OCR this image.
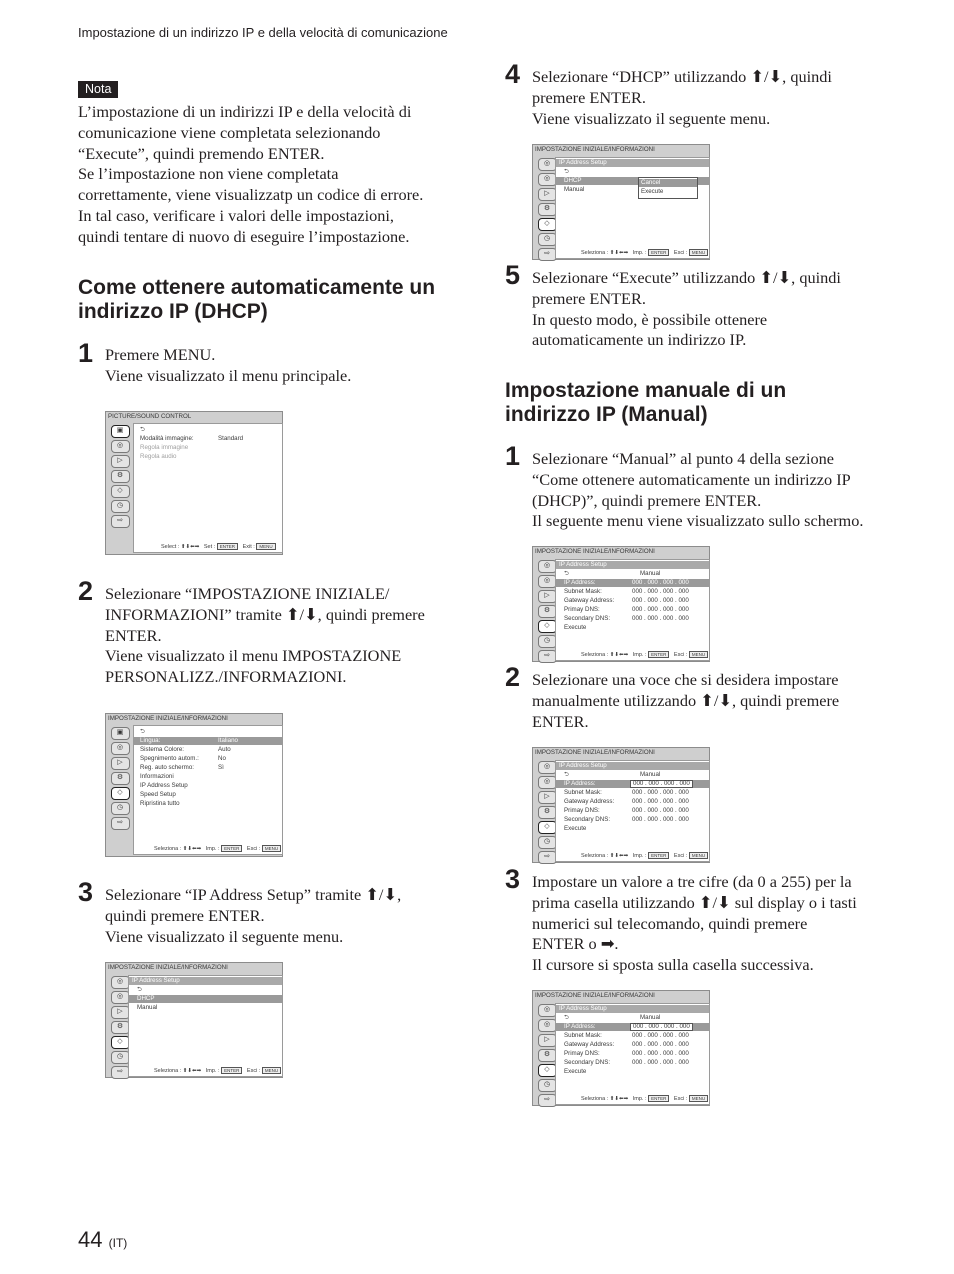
Impostazione di un indirizzo IP e della velocità di comunicazione
Nota
L’impostazione di un indirizzi IP e della velocità di
comunicazione viene completata selezionando
“Execute”, quindi premendo ENTER.
Se l’impostazione non viene completata
correttamente, viene visualizzatp un codice di errore.
In tal caso, verificare i valori delle impostazioni,
quindi tentare di nuovo di eseguire l’impostazione.
Come ottenere automaticamente un
indirizzo IP (DHCP)
1 Premere MENU.
Viene visualizzato il menu principale.
PICTURE/SOUND CONTROL
▣
◎
▷
⚙
◇
◷
⇨
⮌
Modalità immagine:	Standard
Regola immagine
Regola audio
Select : ⬆⬇⬅➡   Set : ENTER Exit : MENU
2 Selezionare “IMPOSTAZIONE INIZIALE/
INFORMAZIONI” tramite ⬆/⬇, quindi premere
ENTER.
Viene visualizzato il menu IMPOSTAZIONE
PERSONALIZZ./INFORMAZIONI.
IMPOSTAZIONE INIZIALE/INFORMAZIONI
▣
◎
▷
⚙
◇
◷
⇨
⮌
Lingua:	Italiano
Sistema Colore:	Auto
Spegnimento autom.:	No
Reg. auto schermo:	Sì
Informazioni
IP Address Setup
Speed Setup
Ripristina tutto
Seleziona : ⬆⬇⬅➡   Imp. : ENTER Esci : MENU
3 Selezionare “IP Address Setup” tramite ⬆/⬇,
quindi premere ENTER.
Viene visualizzato il seguente menu.
IMPOSTAZIONE INIZIALE/INFORMAZIONI
◎
◎
▷
⚙
◇
◷
⇨
IP Address Setup
⮌
DHCP
Manual
Seleziona : ⬆⬇⬅➡   Imp. : ENTER Esci : MENU
4 Selezionare “DHCP” utilizzando ⬆/⬇, quindi
premere ENTER.
Viene visualizzato il seguente menu.
IMPOSTAZIONE INIZIALE/INFORMAZIONI
◎
◎
▷
⚙
◇
◷
⇨
IP Address Setup
⮌
DHCP
Manual
Cancel
Execute
Seleziona : ⬆⬇⬅➡   Imp. : ENTER Esci : MENU
5 Selezionare “Execute” utilizzando ⬆/⬇, quindi
premere ENTER.
In questo modo, è possibile ottenere
automaticamente un indirizzo IP.
Impostazione manuale di un
indirizzo IP (Manual)
1 Selezionare “Manual” al punto 4 della sezione
“Come ottenere automaticamente un indirizzo IP
(DHCP)”, quindi premere ENTER.
Il seguente menu viene visualizzato sullo schermo.
IMPOSTAZIONE INIZIALE/INFORMAZIONI
◎
◎
▷
⚙
◇
◷
⇨
IP Address Setup
⮌	Manual
IP Address:	000 . 000 . 000 . 000
Subnet Mask:	000 . 000 . 000 . 000
Gateway Address:	000 . 000 . 000 . 000
Primay DNS:	000 . 000 . 000 . 000
Secondary DNS:	000 . 000 . 000 . 000
Execute
Seleziona : ⬆⬇⬅➡   Imp. : ENTER Esci : MENU
2 Selezionare una voce che si desidera impostare
manualmente utilizzando ⬆/⬇, quindi premere
ENTER.
IMPOSTAZIONE INIZIALE/INFORMAZIONI
◎
◎
▷
⚙
◇
◷
⇨
IP Address Setup
⮌	Manual
IP Address:	000 . 000 . 000 . 000
Subnet Mask:	000 . 000 . 000 . 000
Gateway Address:	000 . 000 . 000 . 000
Primay DNS:	000 . 000 . 000 . 000
Secondary DNS:	000 . 000 . 000 . 000
Execute
Seleziona : ⬆⬇⬅➡   Imp. : ENTER Esci : MENU
3 Impostare un valore a tre cifre (da 0 a 255) per la
prima casella utilizzando ⬆/⬇ sul display o i tasti
numerici sul telecomando, quindi premere
ENTER o ➡.
Il cursore si sposta sulla casella successiva.
IMPOSTAZIONE INIZIALE/INFORMAZIONI
◎
◎
▷
⚙
◇
◷
⇨
IP Address Setup
⮌	Manual
IP Address:	000 . 000 . 000 . 000
Subnet Mask:	000 . 000 . 000 . 000
Gateway Address:	000 . 000 . 000 . 000
Primay DNS:	000 . 000 . 000 . 000
Secondary DNS:	000 . 000 . 000 . 000
Execute
Seleziona : ⬆⬇⬅➡   Imp. : ENTER Esci : MENU
44 (IT)
